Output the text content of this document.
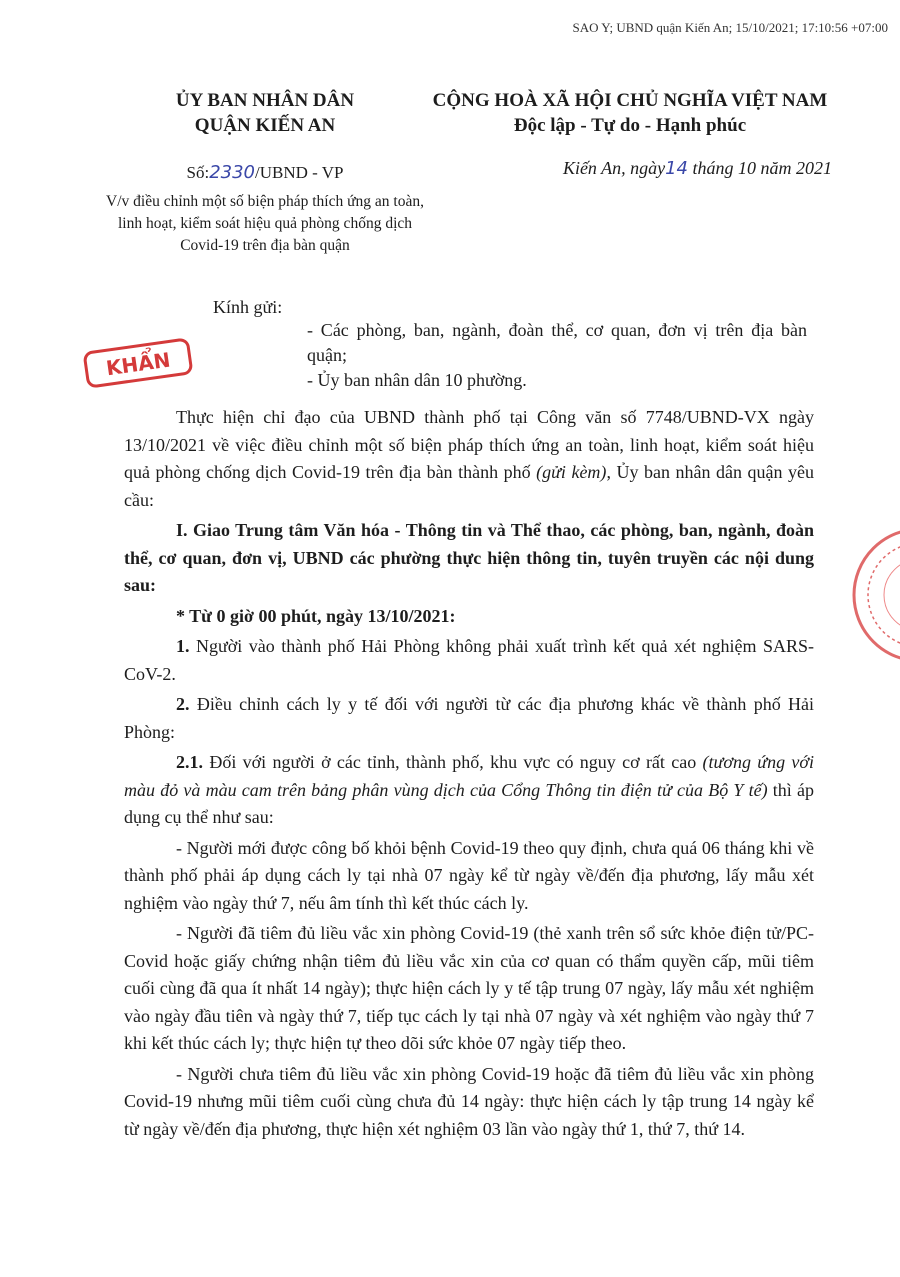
SAO Y; UBND quận Kiến An; 15/10/2021; 17:10:56 +07:00
ỦY BAN NHÂN DÂN
QUẬN KIẾN AN
Số:2330/UBND - VP
V/v điều chỉnh một số biện pháp thích ứng an toàn, linh hoạt, kiểm soát hiệu quả phòng chống dịch Covid-19 trên địa bàn quận
CỘNG HOÀ XÃ HỘI CHỦ NGHĨA VIỆT NAM
Độc lập - Tự do - Hạnh phúc
Kiến An, ngày14 tháng 10 năm 2021
KHẨN
Kính gửi:
- Các phòng, ban, ngành, đoàn thể, cơ quan, đơn vị trên địa bàn quận;
- Ủy ban nhân dân 10 phường.

Thực hiện chỉ đạo của UBND thành phố tại Công văn số 7748/UBND-VX ngày 13/10/2021 về việc điều chỉnh một số biện pháp thích ứng an toàn, linh hoạt, kiểm soát hiệu quả phòng chống dịch Covid-19 trên địa bàn thành phố (gửi kèm), Ủy ban nhân dân quận yêu cầu:

I. Giao Trung tâm Văn hóa - Thông tin và Thể thao, các phòng, ban, ngành, đoàn thể, cơ quan, đơn vị, UBND các phường thực hiện thông tin, tuyên truyền các nội dung sau:

* Từ 0 giờ 00 phút, ngày 13/10/2021:

1. Người vào thành phố Hải Phòng không phải xuất trình kết quả xét nghiệm SARS-CoV-2.

2. Điều chỉnh cách ly y tế đối với người từ các địa phương khác về thành phố Hải Phòng:

2.1. Đối với người ở các tỉnh, thành phố, khu vực có nguy cơ rất cao (tương ứng với màu đỏ và màu cam trên bảng phân vùng dịch của Cổng Thông tin điện tử của Bộ Y tế) thì áp dụng cụ thể như sau:

- Người mới được công bố khỏi bệnh Covid-19 theo quy định, chưa quá 06 tháng khi về thành phố phải áp dụng cách ly tại nhà 07 ngày kể từ ngày về/đến địa phương, lấy mẫu xét nghiệm vào ngày thứ 7, nếu âm tính thì kết thúc cách ly.

- Người đã tiêm đủ liều vắc xin phòng Covid-19 (thẻ xanh trên sổ sức khỏe điện tử/PC-Covid hoặc giấy chứng nhận tiêm đủ liều vắc xin của cơ quan có thẩm quyền cấp, mũi tiêm cuối cùng đã qua ít nhất 14 ngày); thực hiện cách ly y tế tập trung 07 ngày, lấy mẫu xét nghiệm vào ngày đầu tiên và ngày thứ 7, tiếp tục cách ly tại nhà 07 ngày và xét nghiệm vào ngày thứ 7 khi kết thúc cách ly; thực hiện tự theo dõi sức khỏe 07 ngày tiếp theo.

- Người chưa tiêm đủ liều vắc xin phòng Covid-19 hoặc đã tiêm đủ liều vắc xin phòng Covid-19 nhưng mũi tiêm cuối cùng chưa đủ 14 ngày: thực hiện cách ly tập trung 14 ngày kể từ ngày về/đến địa phương, thực hiện xét nghiệm 03 lần vào ngày thứ 1, thứ 7, thứ 14.
